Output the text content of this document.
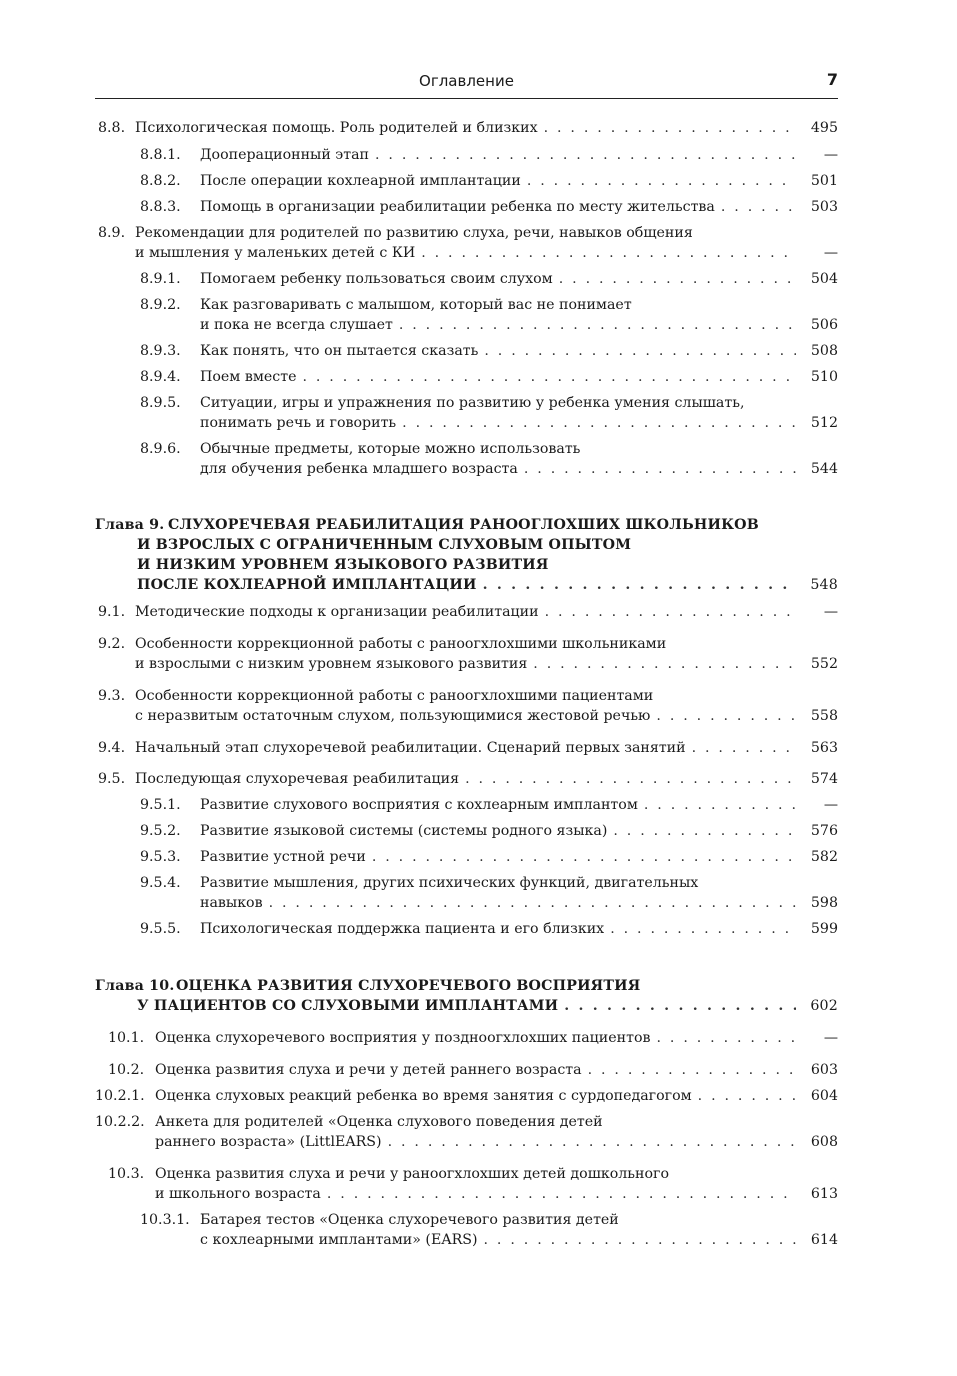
Оглавление	7
8.8. Психологическая помощь. Роль родителей и близких . . .	495
8.8.1. Дооперационный этап . . .	—
8.8.2. После операции кохлеарной имплантации . . .	501
8.8.3. Помощь в организации реабилитации ребенка по месту жительства . . .	503
8.9. Рекомендации для родителей по развитию слуха, речи, навыков общения
и мышления у маленьких детей с КИ . . .	—
8.9.1. Помогаем ребенку пользоваться своим слухом . . .	504
8.9.2. Как разговаривать с малышом, который вас не понимает
и пока не всегда слушает . . .	506
8.9.3. Как понять, что он пытается сказать . . .	508
8.9.4. Поем вместе . . .	510
8.9.5. Ситуации, игры и упражнения по развитию у ребенка умения слышать,
понимать речь и говорить . . .	512
8.9.6. Обычные предметы, которые можно использовать
для обучения ребенка младшего возраста . . .	544
Глава 9. СЛУХОРЕЧЕВАЯ РЕАБИЛИТАЦИЯ РАНООГЛОХШИХ ШКОЛЬНИКОВ
И ВЗРОСЛЫХ С ОГРАНИЧЕННЫМ СЛУХОВЫМ ОПЫТОМ
И НИЗКИМ УРОВНЕМ ЯЗЫКОВОГО РАЗВИТИЯ
ПОСЛЕ КОХЛЕАРНОЙ ИМПЛАНТАЦИИ . . .	548
9.1. Методические подходы к организации реабилитации . . .	—
9.2. Особенности коррекционной работы с раноогхлохшими школьниками
и взрослыми с низким уровнем языкового развития . . .	552
9.3. Особенности коррекционной работы с раноогхлохшими пациентами
с неразвитым остаточным слухом, пользующимися жестовой речью . . .	558
9.4. Начальный этап слухоречевой реабилитации. Сценарий первых занятий . . .	563
9.5. Последующая слухоречевая реабилитация . . .	574
9.5.1. Развитие слухового восприятия с кохлеарным имплантом . . .	—
9.5.2. Развитие языковой системы (системы родного языка) . . .	576
9.5.3. Развитие устной речи . . .	582
9.5.4. Развитие мышления, других психических функций, двигательных
навыков . . .	598
9.5.5. Психологическая поддержка пациента и его близких . . .	599
Глава 10. ОЦЕНКА РАЗВИТИЯ СЛУХОРЕЧЕВОГО ВОСПРИЯТИЯ
У ПАЦИЕНТОВ СО СЛУХОВЫМИ ИМПЛАНТАМИ . . .	602
10.1. Оценка слухоречевого восприятия у поздноогхлохших пациентов . . .	—
10.2. Оценка развития слуха и речи у детей раннего возраста . . .	603
10.2.1. Оценка слуховых реакций ребенка во время занятия с сурдопедагогом . . .	604
10.2.2. Анкета для родителей «Оценка слухового поведения детей
раннего возраста» (LittlEARS) . . .	608
10.3. Оценка развития слуха и речи у раноогхлохших детей дошкольного
и школьного возраста . . .	613
10.3.1. Батарея тестов «Оценка слухоречевого развития детей
с кохлеарными имплантами» (EARS) . . .	614
